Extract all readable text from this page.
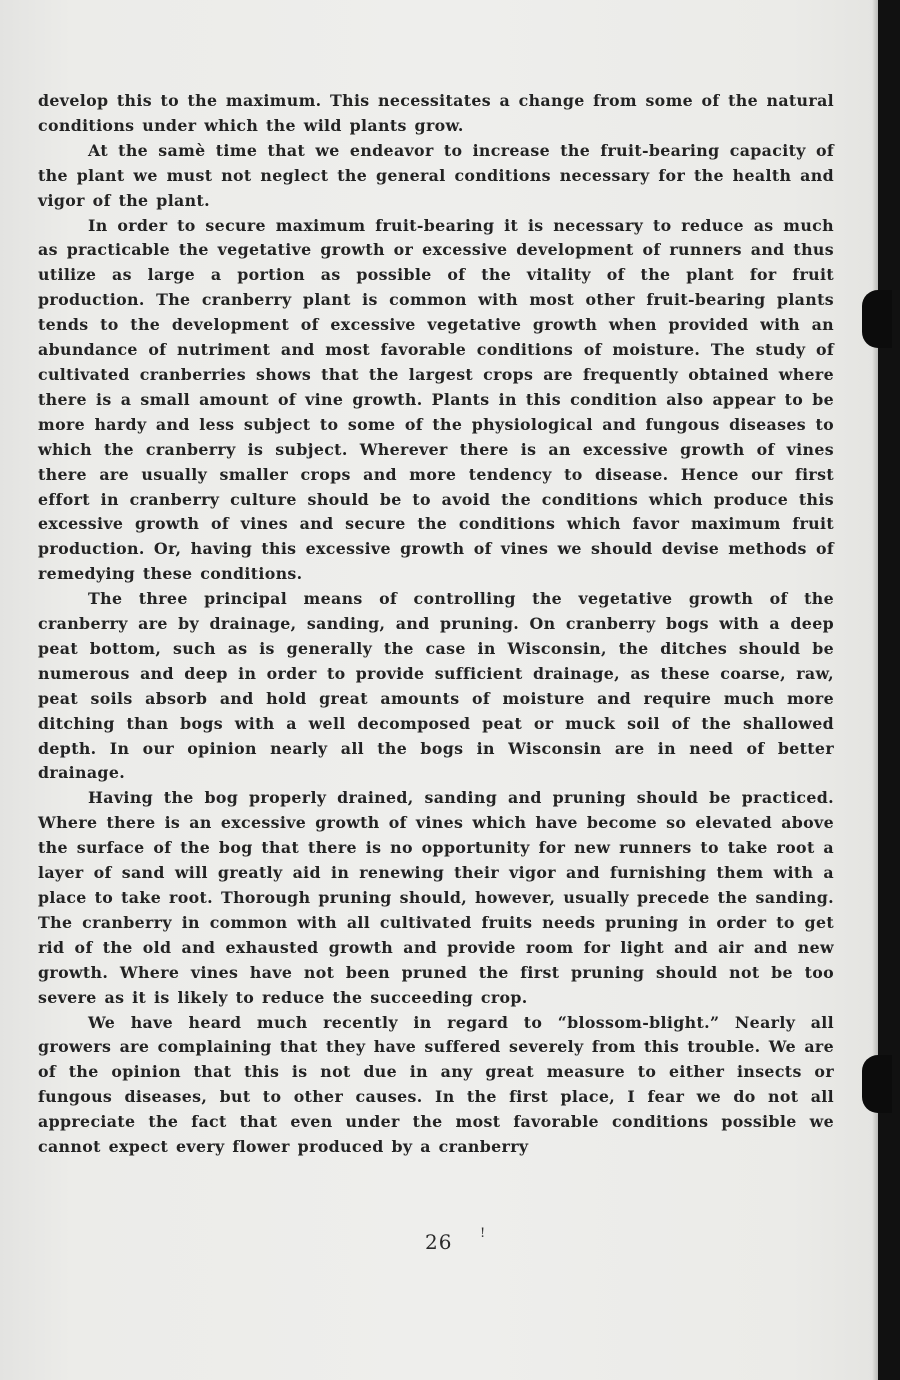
develop this to the maximum. This necessitates a change from some of the natural conditions under which the wild plants grow.

At the samè time that we endeavor to increase the fruit-bearing capacity of the plant we must not neglect the general conditions necessary for the health and vigor of the plant.

In order to secure maximum fruit-bearing it is necessary to reduce as much as practicable the vegetative growth or excessive development of runners and thus utilize as large a portion as possible of the vitality of the plant for fruit production. The cranberry plant is common with most other fruit-bearing plants tends to the development of excessive vegetative growth when provided with an abundance of nutriment and most favorable conditions of moisture. The study of cultivated cranberries shows that the largest crops are frequently obtained where there is a small amount of vine growth. Plants in this condition also appear to be more hardy and less subject to some of the physiological and fungous diseases to which the cranberry is subject. Wherever there is an excessive growth of vines there are usually smaller crops and more tendency to disease. Hence our first effort in cranberry culture should be to avoid the conditions which produce this excessive growth of vines and secure the conditions which favor maximum fruit production. Or, having this excessive growth of vines we should devise methods of remedying these conditions.

The three principal means of controlling the vegetative growth of the cranberry are by drainage, sanding, and pruning. On cranberry bogs with a deep peat bottom, such as is generally the case in Wisconsin, the ditches should be numerous and deep in order to provide sufficient drainage, as these coarse, raw, peat soils absorb and hold great amounts of moisture and require much more ditching than bogs with a well decomposed peat or muck soil of the shallowed depth. In our opinion nearly all the bogs in Wisconsin are in need of better drainage.

Having the bog properly drained, sanding and pruning should be practiced. Where there is an excessive growth of vines which have become so elevated above the surface of the bog that there is no opportunity for new runners to take root a layer of sand will greatly aid in renewing their vigor and furnishing them with a place to take root. Thorough pruning should, however, usually precede the sanding. The cranberry in common with all cultivated fruits needs pruning in order to get rid of the old and exhausted growth and provide room for light and air and new growth. Where vines have not been pruned the first pruning should not be too severe as it is likely to reduce the succeeding crop.

We have heard much recently in regard to “blossom-blight.” Nearly all growers are complaining that they have suffered severely from this trouble. We are of the opinion that this is not due in any great measure to either insects or fungous diseases, but to other causes. In the first place, I fear we do not all appreciate the fact that even under the most favorable conditions possible we cannot expect every flower produced by a cranberry

26 !
